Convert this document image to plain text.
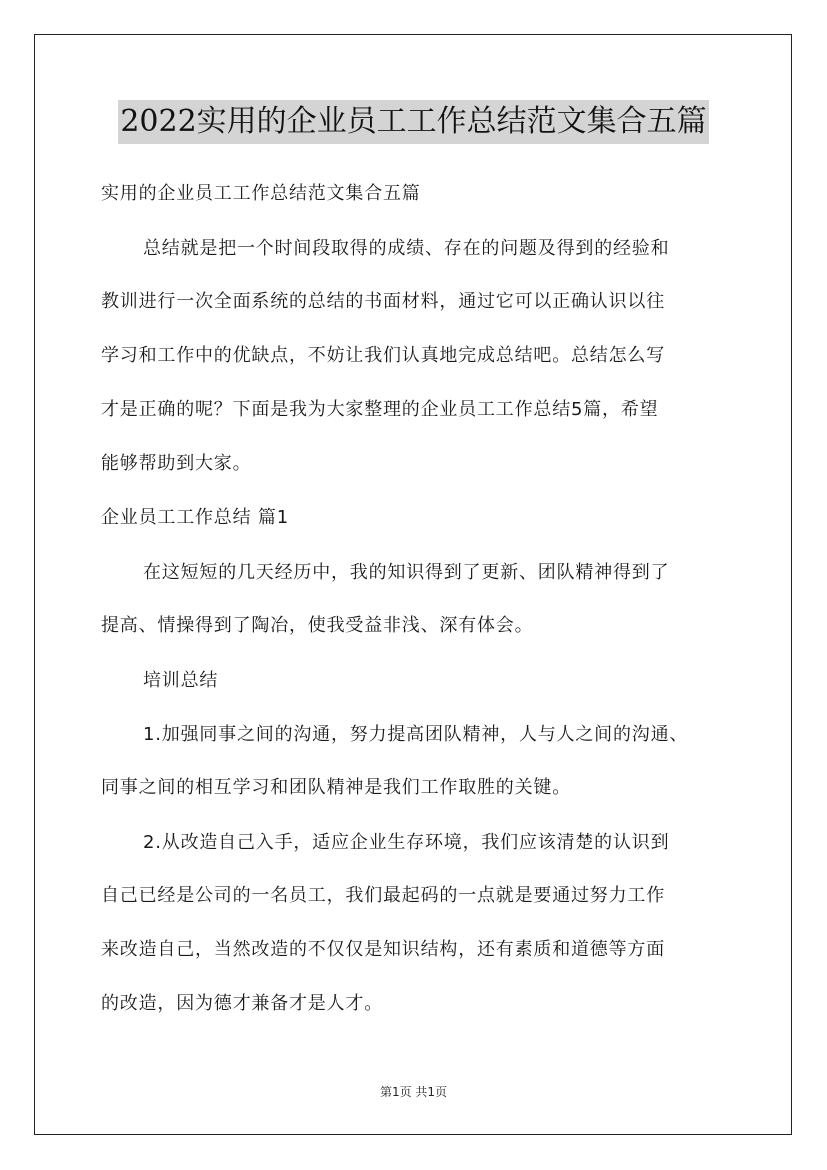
2022实用的企业员工工作总结范文集合五篇
实用的企业员工工作总结范文集合五篇
总结就是把一个时间段取得的成绩、存在的问题及得到的经验和
教训进行一次全面系统的总结的书面材料，通过它可以正确认识以往
学习和工作中的优缺点，不妨让我们认真地完成总结吧。总结怎么写
才是正确的呢？下面是我为大家整理的企业员工工作总结5篇，希望
能够帮助到大家。
企业员工工作总结 篇1
在这短短的几天经历中，我的知识得到了更新、团队精神得到了
提高、情操得到了陶冶，使我受益非浅、深有体会。
培训总结
1.加强同事之间的沟通，努力提高团队精神，人与人之间的沟通、
同事之间的相互学习和团队精神是我们工作取胜的关键。
2.从改造自己入手，适应企业生存环境，我们应该清楚的认识到
自己已经是公司的一名员工，我们最起码的一点就是要通过努力工作
来改造自己，当然改造的不仅仅是知识结构，还有素质和道德等方面
的改造，因为德才兼备才是人才。
第1页 共1页
